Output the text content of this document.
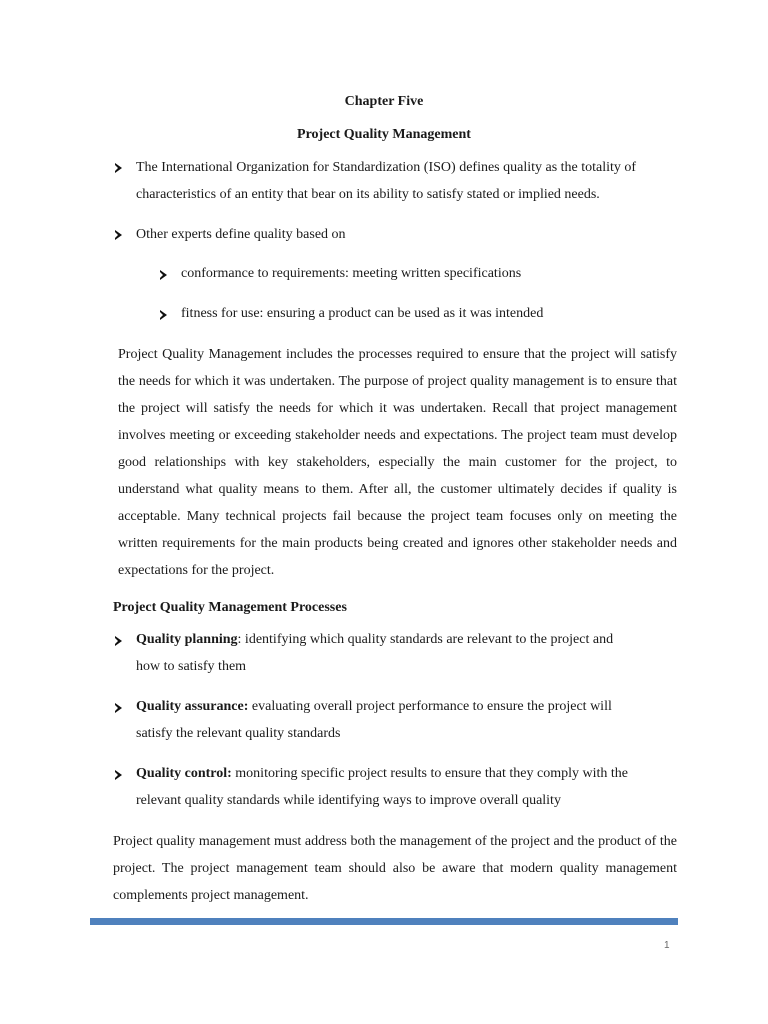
Chapter Five
Project Quality Management
The International Organization for Standardization (ISO) defines quality as the totality of
characteristics of an entity that bear on its ability to satisfy stated or implied needs.
Other experts define quality based on
conformance to requirements: meeting written specifications
fitness for use: ensuring a product can be used as it was intended
Project Quality Management includes the processes required to ensure that the project will satisfy the needs for which it was undertaken. The purpose of project quality management is to ensure that the project will satisfy the needs for which it was undertaken. Recall that project management involves meeting or exceeding stakeholder needs and expectations. The project team must develop good relationships with key stakeholders, especially the main customer for the project, to understand what quality means to them. After all, the customer ultimately decides if quality is acceptable. Many technical projects fail because the project team focuses only on meeting the written requirements for the main products being created and ignores other stakeholder needs and expectations for the project.
Project Quality Management Processes
Quality planning: identifying which quality standards are relevant to the project and
how to satisfy them
Quality assurance: evaluating overall project performance to ensure the project will
satisfy the relevant quality standards
Quality control: monitoring specific project results to ensure that they comply with the
relevant quality standards while identifying ways to improve overall quality
Project quality management must address both the management of the project and the product of the project. The project management team should also be aware that modern quality management complements project management.
1
